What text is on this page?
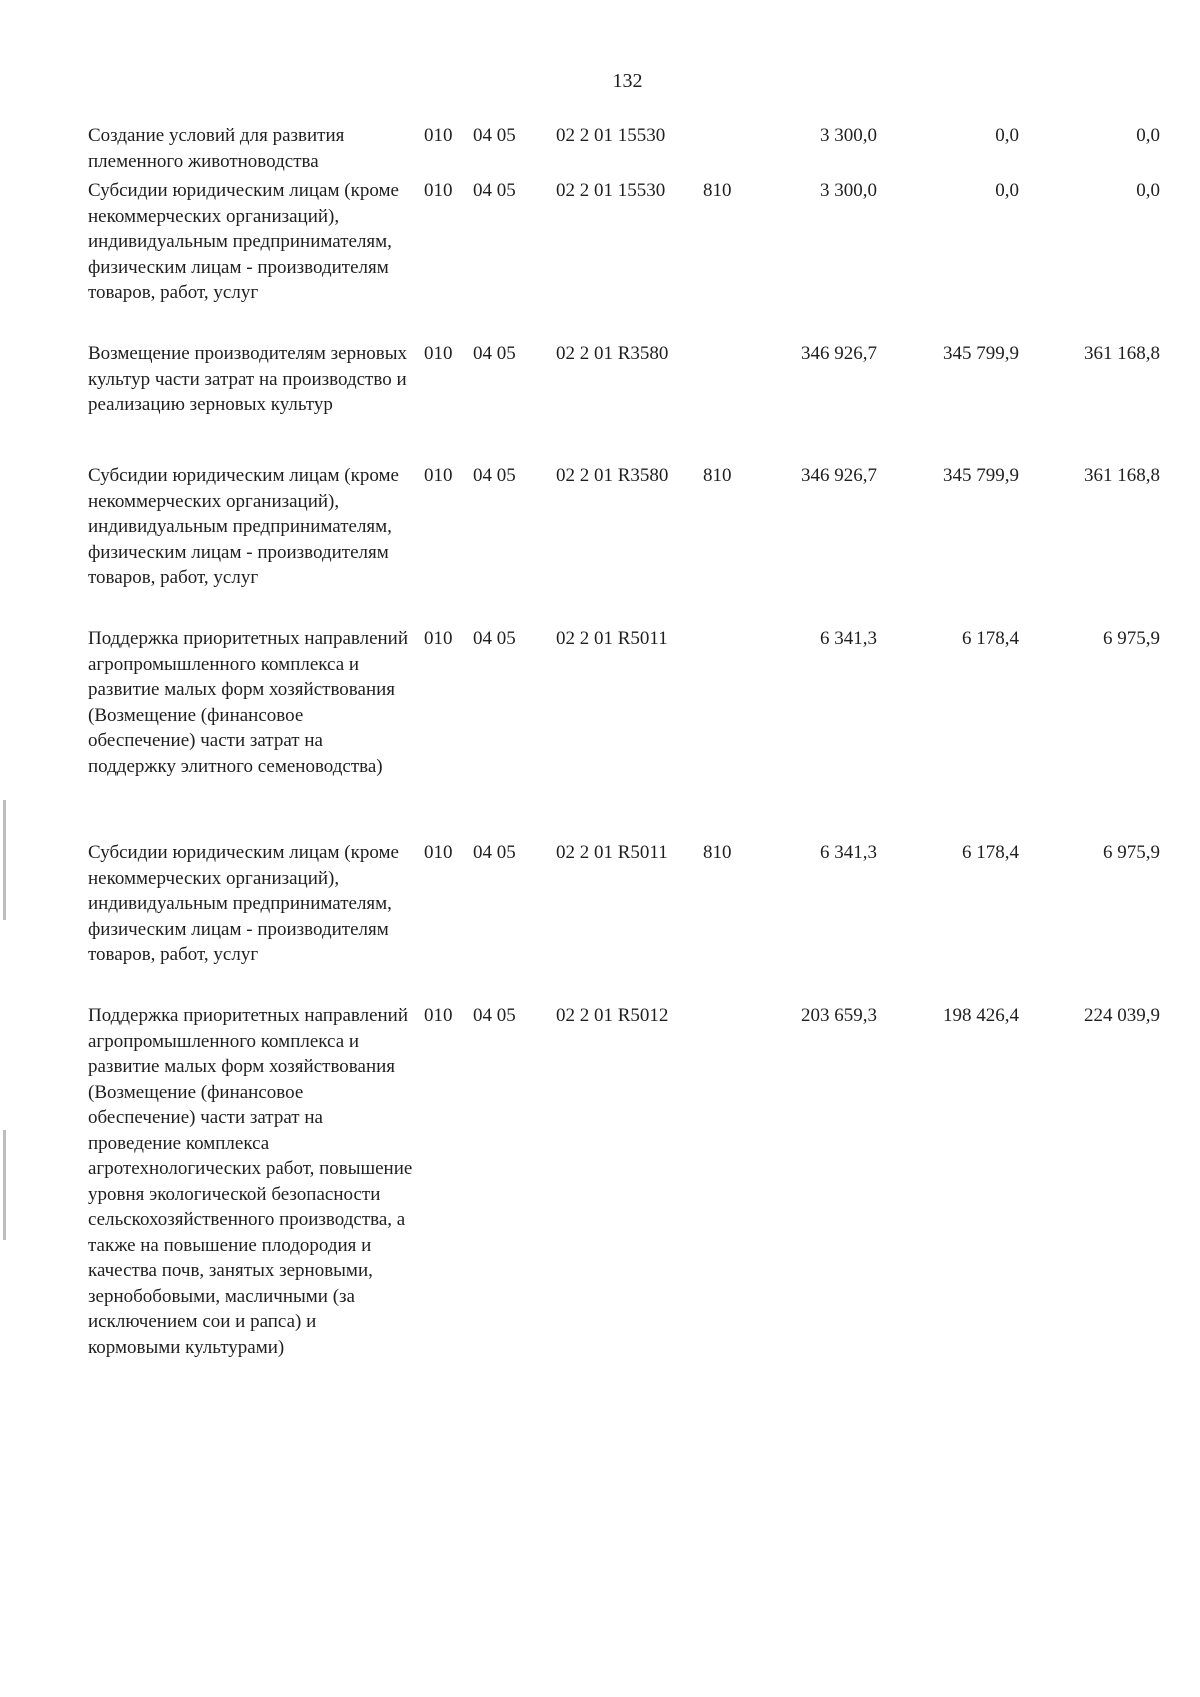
132
Создание условий для развития племенного животноводства
010 04 05 02 2 01 15530	3 300,0	0,0	0,0
Субсидии юридическим лицам (кроме некоммерческих организаций), индивидуальным предпринимателям, физическим лицам - производителям товаров, работ, услуг
010 04 05 02 2 01 15530 810	3 300,0	0,0	0,0
Возмещение производителям зерновых культур части затрат на производство и реализацию зерновых культур
010 04 05 02 2 01 R3580	346 926,7	345 799,9	361 168,8
Субсидии юридическим лицам (кроме некоммерческих организаций), индивидуальным предпринимателям, физическим лицам - производителям товаров, работ, услуг
010 04 05 02 2 01 R3580 810	346 926,7	345 799,9	361 168,8
Поддержка приоритетных направлений агропромышленного комплекса и развитие малых форм хозяйствования (Возмещение (финансовое обеспечение) части затрат на поддержку элитного семеноводства)
010 04 05 02 2 01 R5011	6 341,3	6 178,4	6 975,9
Субсидии юридическим лицам (кроме некоммерческих организаций), индивидуальным предпринимателям, физическим лицам - производителям товаров, работ, услуг
010 04 05 02 2 01 R5011 810	6 341,3	6 178,4	6 975,9
Поддержка приоритетных направлений агропромышленного комплекса и развитие малых форм хозяйствования (Возмещение (финансовое обеспечение) части затрат на проведение комплекса агротехнологических работ, повышение уровня экологической безопасности сельскохозяйственного производства, а также на повышение плодородия и качества почв, занятых зерновыми, зернобобовыми, масличными (за исключением сои и рапса) и кормовыми культурами)
010 04 05 02 2 01 R5012	203 659,3	198 426,4	224 039,9
